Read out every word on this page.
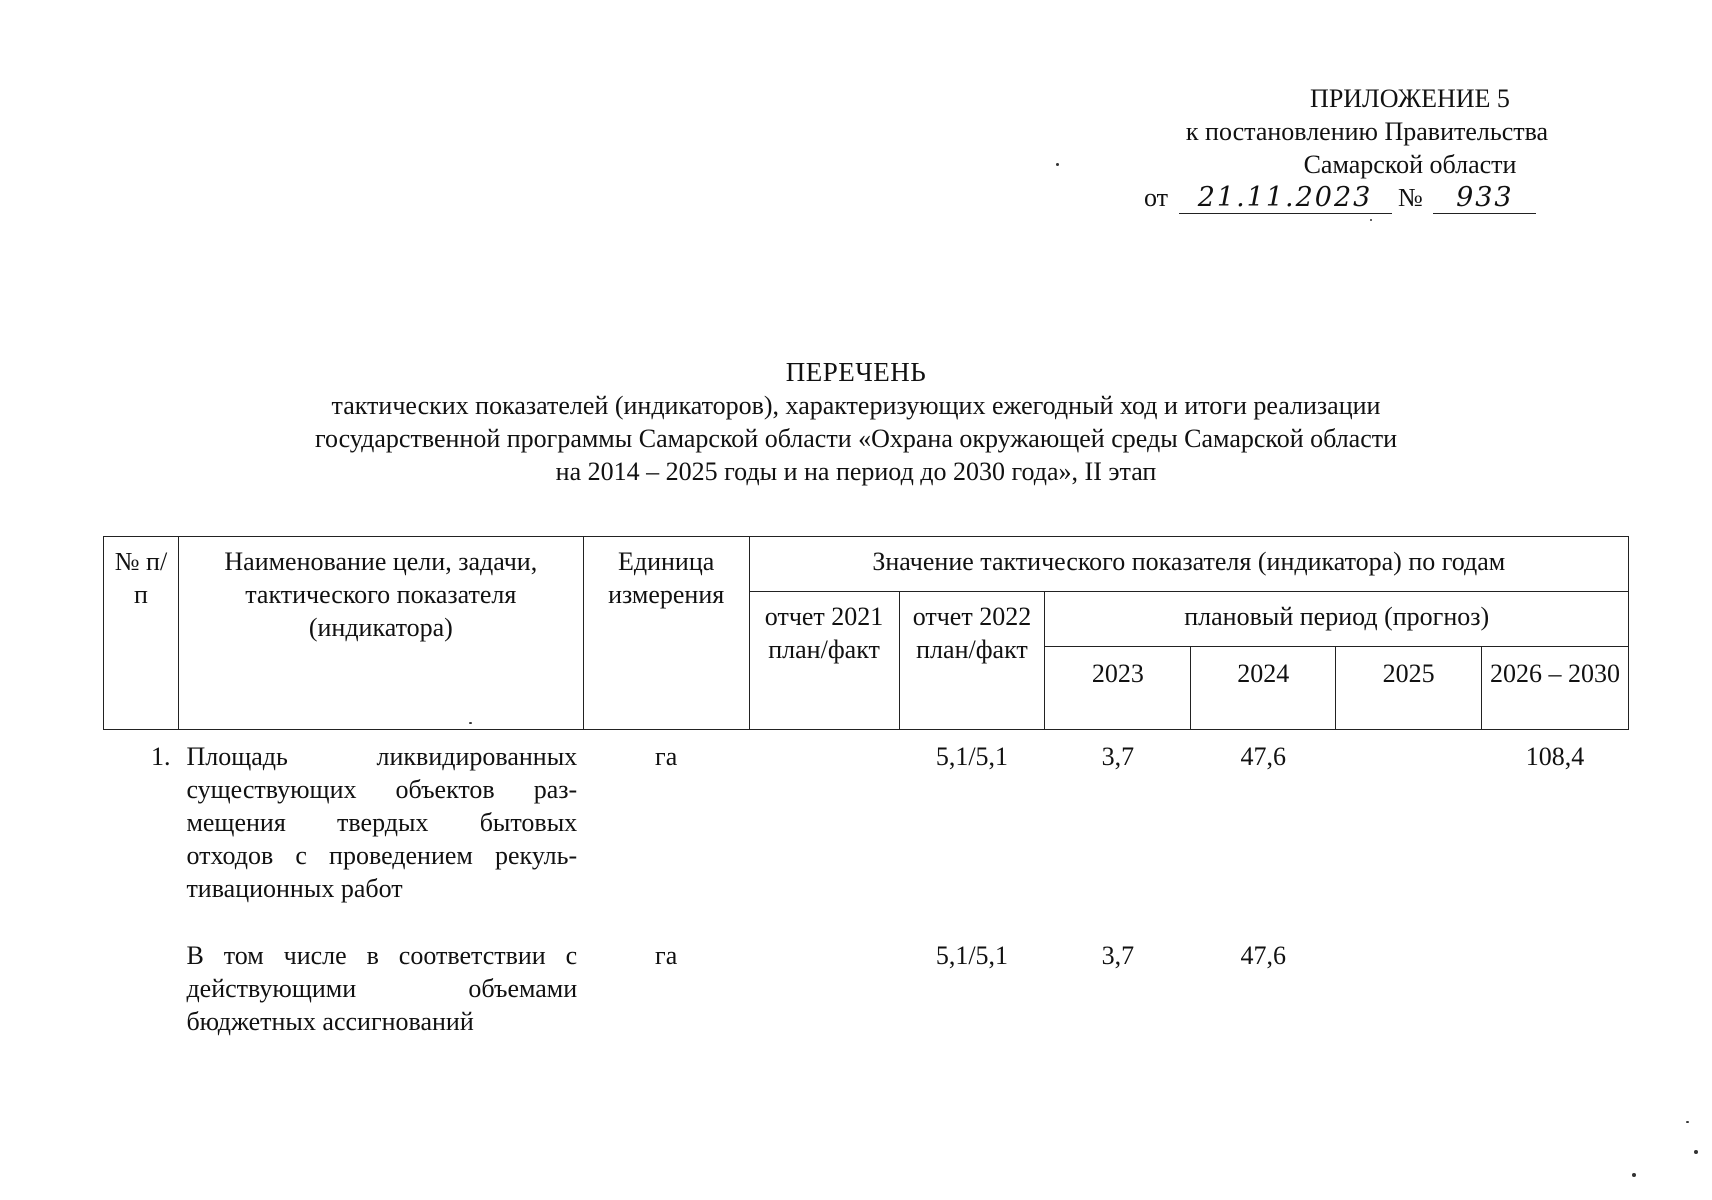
ПРИЛОЖЕНИЕ 5
к постановлению Правительства
Самарской области
от 21.11.2023 № 933
ПЕРЕЧЕНЬ
тактических показателей (индикаторов), характеризующих ежегодный ход и итоги реализации
государственной программы Самарской области «Охрана окружающей среды Самарской области
на 2014 – 2025 годы и на период до 2030 года», II этап
№ п/п	Наименование цели, задачи, тактического показателя (индикатора)	Единица измерения	Значение тактического показателя (индикатора) по годам					
			отчет 2021 план/факт	отчет 2022 план/факт	плановый период (прогноз)			
					2023	2024	2025	2026 – 2030
1.	Площадь ликвидированных существующих объектов раз-мещения твердых бытовых отходов с проведением рекуль-тивационных работ	га		5,1/5,1	3,7	47,6		108,4
	В том числе в соответствии с действующими объемами бюджетных ассигнований	га		5,1/5,1	3,7	47,6		
